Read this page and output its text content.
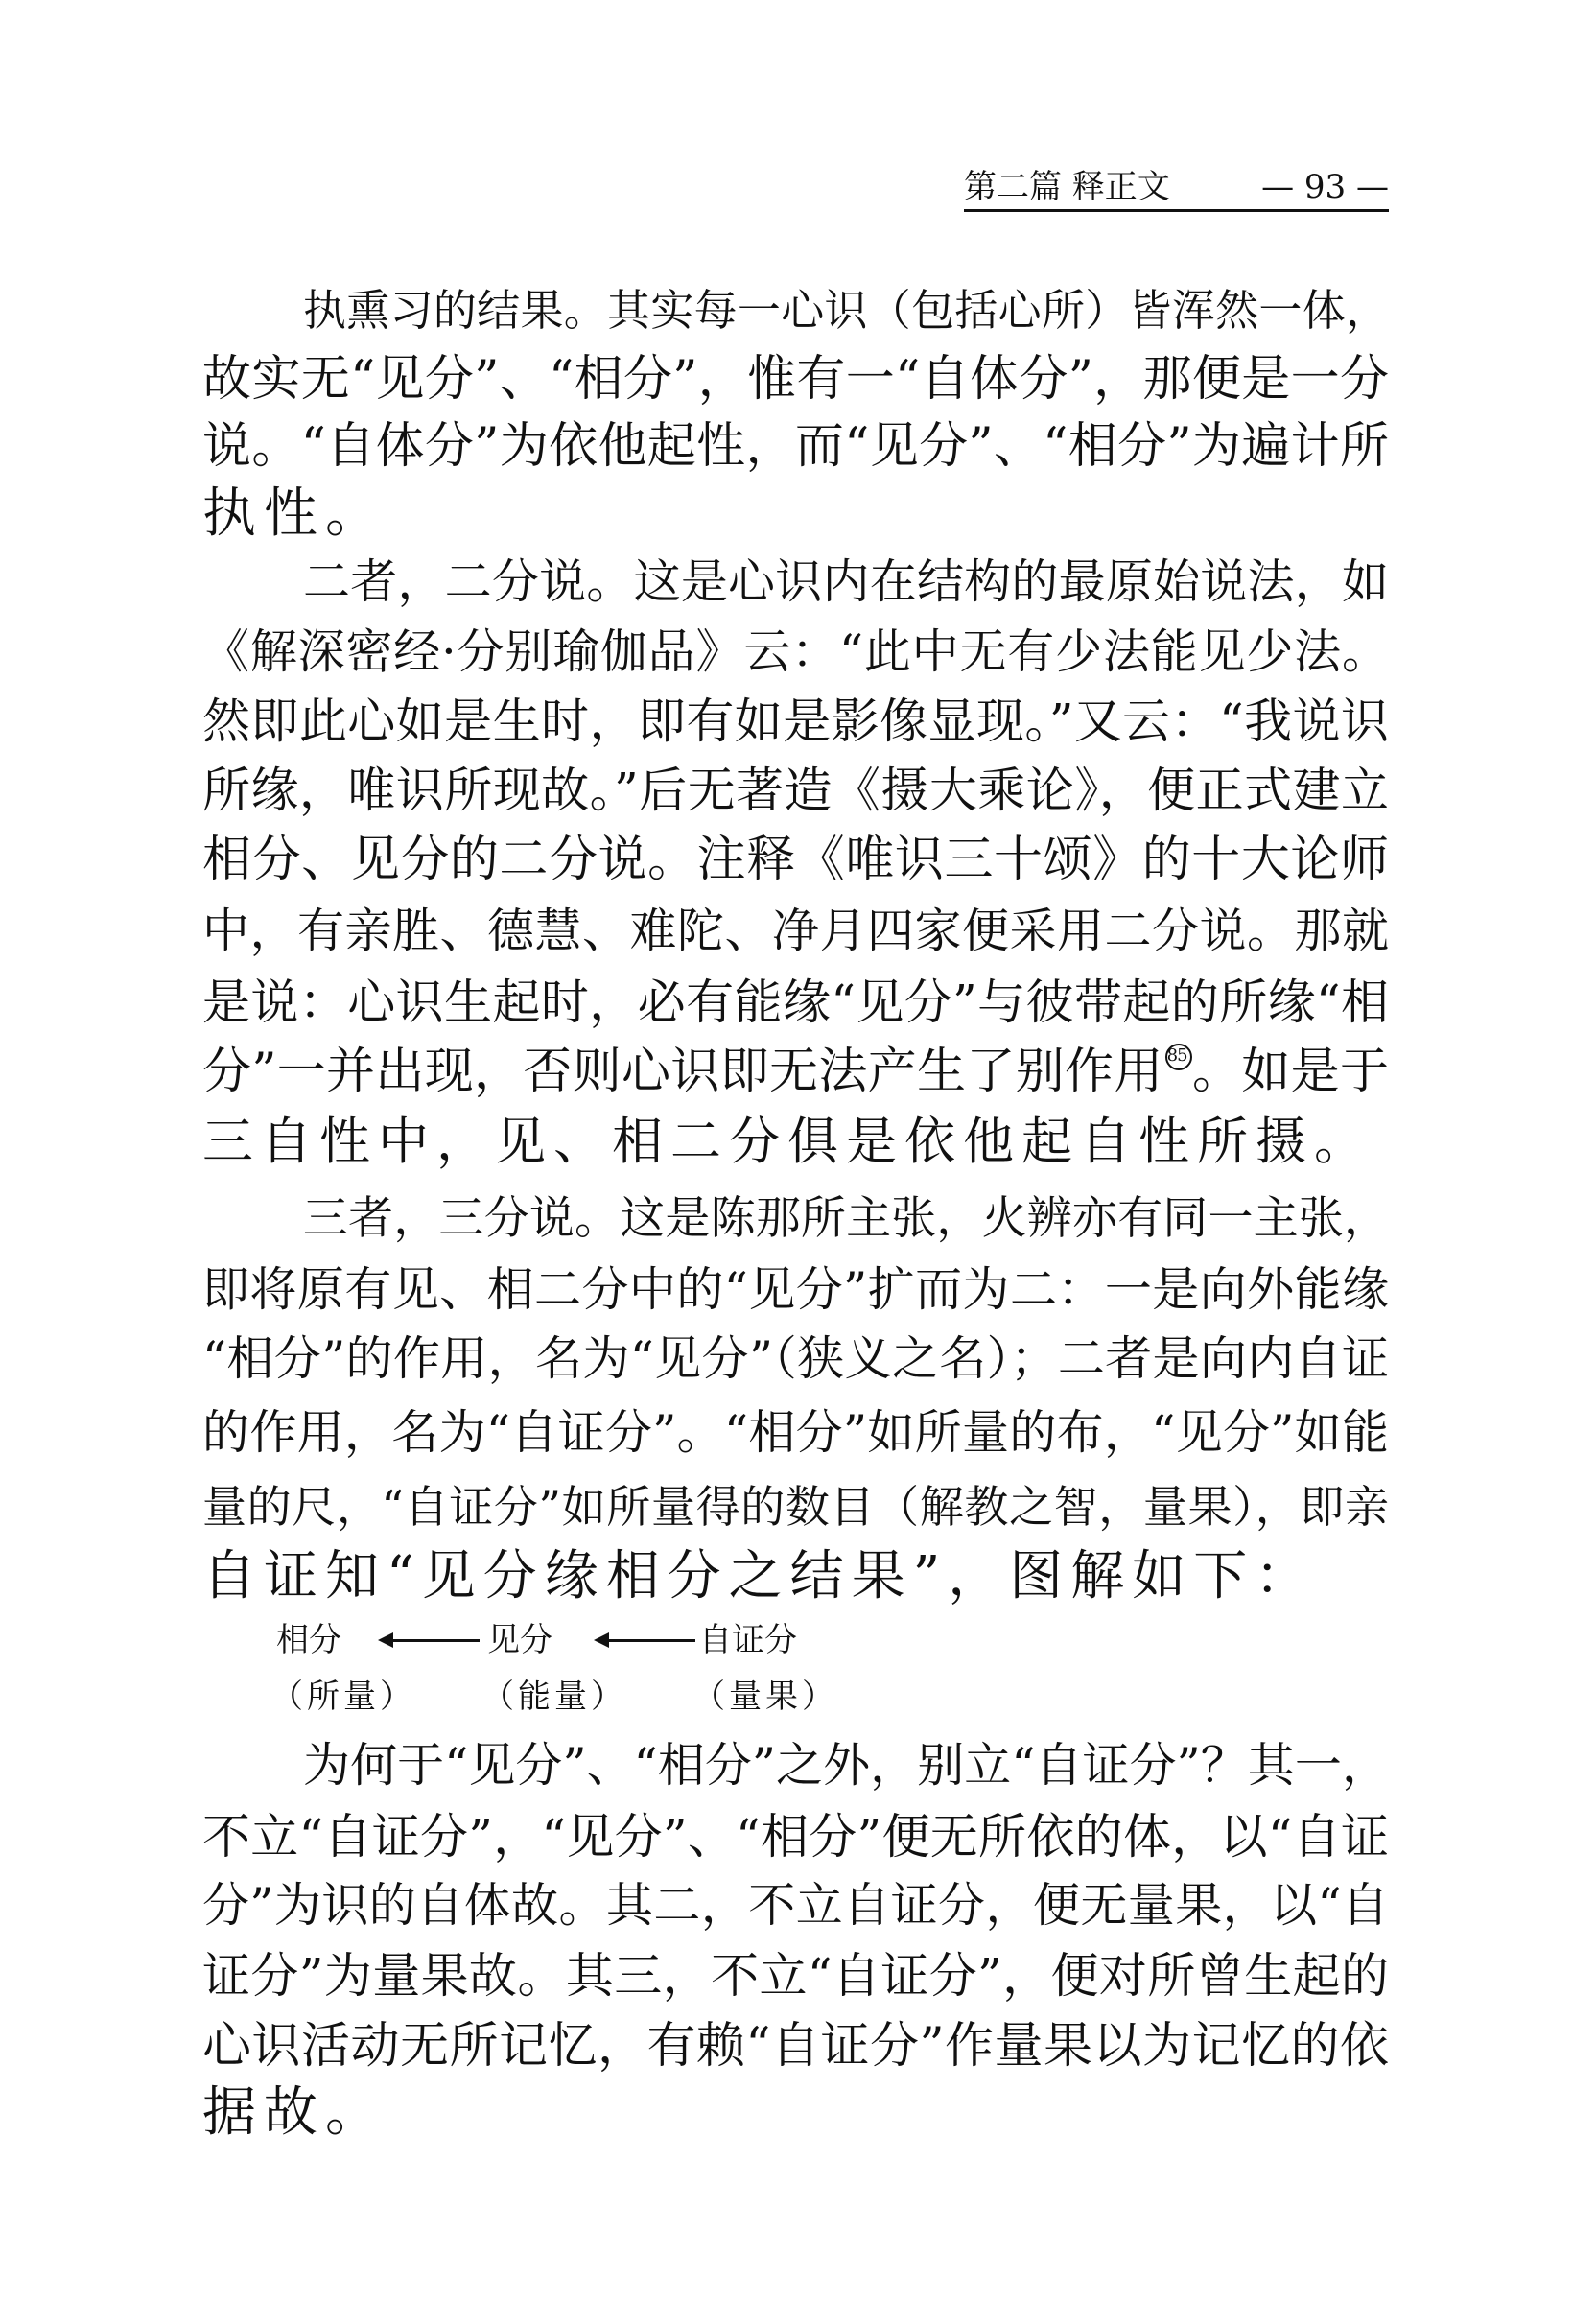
第二篇 释正文	— 93 —
执熏习的结果。其实每一心识（包括心所）皆浑然一体，
故实无“见分”、“相分”，惟有一“自体分”，那便是一分
说。“自体分”为依他起性，而“见分”、“相分”为遍计所
执性。
二者，二分说。这是心识内在结构的最原始说法，如
《解深密经·分别瑜伽品》云：“此中无有少法能见少法。
然即此心如是生时，即有如是影像显现。”又云：“我说识
所缘，唯识所现故。”后无著造《摄大乘论》，便正式建立
相分、见分的二分说。注释《唯识三十颂》的十大论师
中，有亲胜、德慧、难陀、净月四家便采用二分说。那就
是说：心识生起时，必有能缘“见分”与彼带起的所缘“相
分”一并出现，否则心识即无法产生了别作用 85。如是于
三自性中，见、相二分俱是依他起自性所摄。
三者，三分说。这是陈那所主张，火辨亦有同一主张，
即将原有见、相二分中的“见分”扩而为二：一是向外能缘
“相分”的作用，名为“见分”（狭义之名）；二者是向内自证
的作用，名为“自证分”。“相分”如所量的布，“见分”如能
量的尺，“自证分”如所量得的数目（解教之智，量果），即亲
自证知“见分缘相分之结果”，图解如下：
为何于“见分”、“相分”之外，别立“自证分”？其一，
不立“自证分”，“见分”、“相分”便无所依的体，以“自证
分”为识的自体故。其二，不立自证分，便无量果，以“自
证分”为量果故。其三，不立“自证分”，便对所曾生起的
心识活动无所记忆，有赖“自证分”作量果以为记忆的依
据故。
相分	见分	自证分
（所量） （能量） （量果）
